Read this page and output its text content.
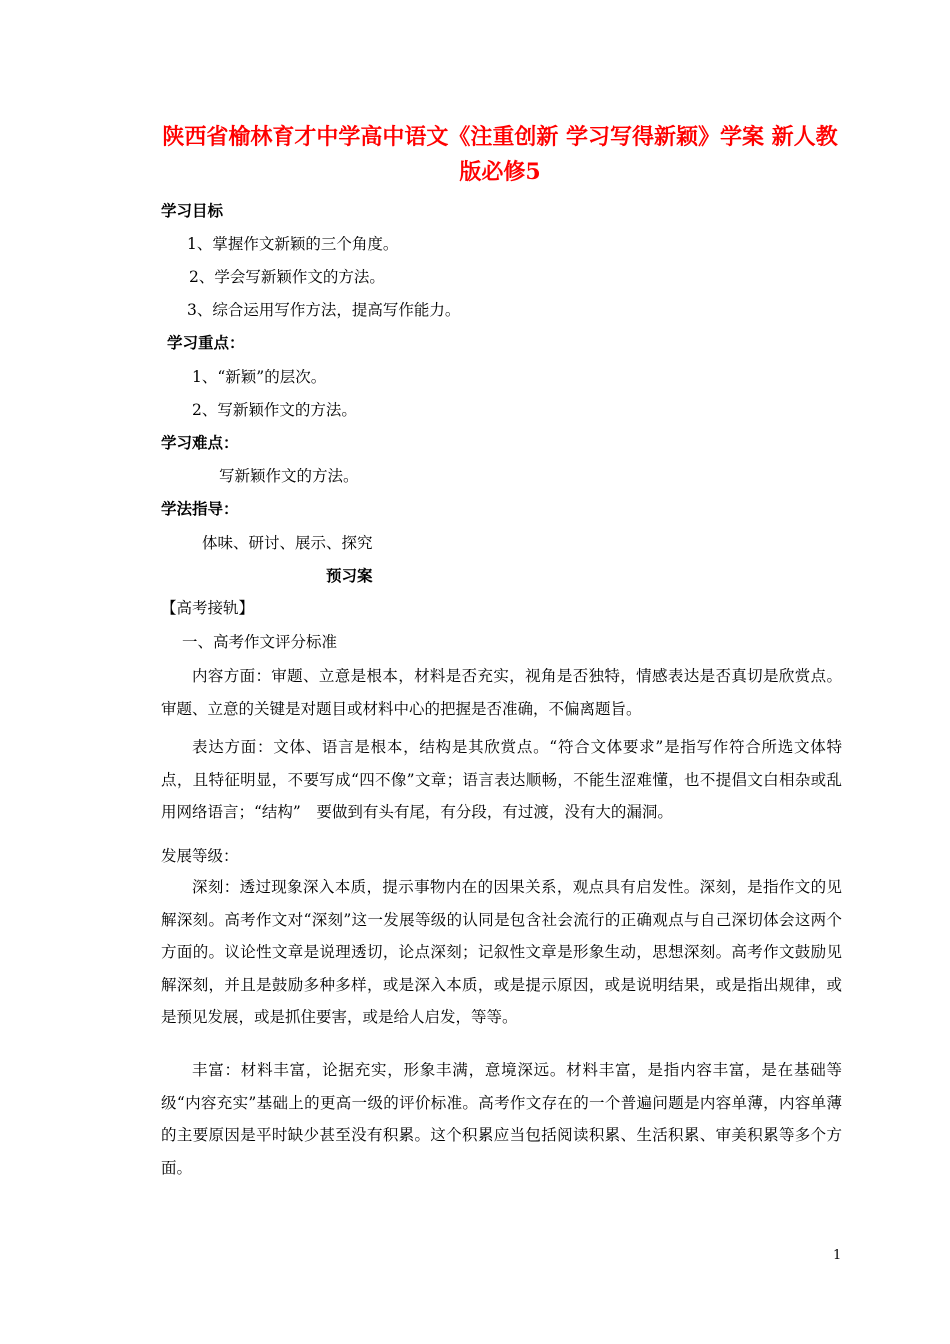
陕西省榆林育才中学高中语文《注重创新 学习写得新颖》学案 新人教
版必修5
学习目标
1、掌握作文新颖的三个角度。
2、学会写新颖作文的方法。
3、综合运用写作方法，提高写作能力。
学习重点：
1、“新颖”的层次。
2、写新颖作文的方法。
学习难点：
写新颖作文的方法。
学法指导：
体味、研讨、展示、探究
预习案
【高考接轨】
一、高考作文评分标准
内容方面：审题、立意是根本，材料是否充实，视角是否独特，情感表达是否真切是欣赏点。审题、立意的关键是对题目或材料中心的把握是否准确，不偏离题旨。
表达方面：文体、语言是根本，结构是其欣赏点。“符合文体要求”是指写作符合所选文体特点，且特征明显，不要写成“四不像”文章；语言表达顺畅，不能生涩难懂，也不提倡文白相杂或乱用网络语言；“结构”　要做到有头有尾，有分段，有过渡，没有大的漏洞。
发展等级：
深刻：透过现象深入本质，提示事物内在的因果关系，观点具有启发性。深刻，是指作文的见解深刻。高考作文对“深刻”这一发展等级的认同是包含社会流行的正确观点与自己深切体会这两个方面的。议论性文章是说理透切，论点深刻；记叙性文章是形象生动，思想深刻。高考作文鼓励见解深刻，并且是鼓励多种多样，或是深入本质，或是提示原因，或是说明结果，或是指出规律，或是预见发展，或是抓住要害，或是给人启发，等等。
丰富：材料丰富，论据充实，形象丰满，意境深远。材料丰富，是指内容丰富，是在基础等级“内容充实”基础上的更高一级的评价标准。高考作文存在的一个普遍问题是内容单薄，内容单薄的主要原因是平时缺少甚至没有积累。这个积累应当包括阅读积累、生活积累、审美积累等多个方面。
1
